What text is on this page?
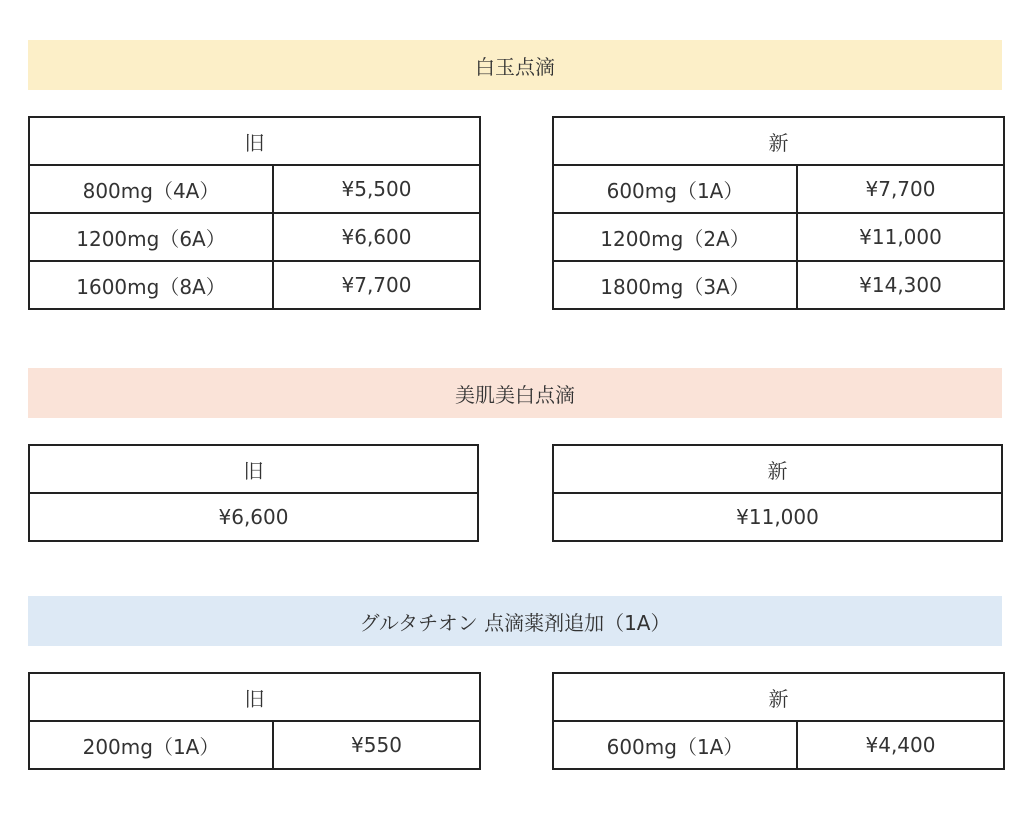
白玉点滴
旧	
800mg（4A）	¥5,500
1200mg（6A）	¥6,600
1600mg（8A）	¥7,700
新	
600mg（1A）	¥7,700
1200mg（2A）	¥11,000
1800mg（3A）	¥14,300
美肌美白点滴
旧
¥6,600
新
¥11,000
グルタチオン 点滴薬剤追加（1A）
旧
200mg（1A）	¥550
新
600mg（1A）	¥4,400
